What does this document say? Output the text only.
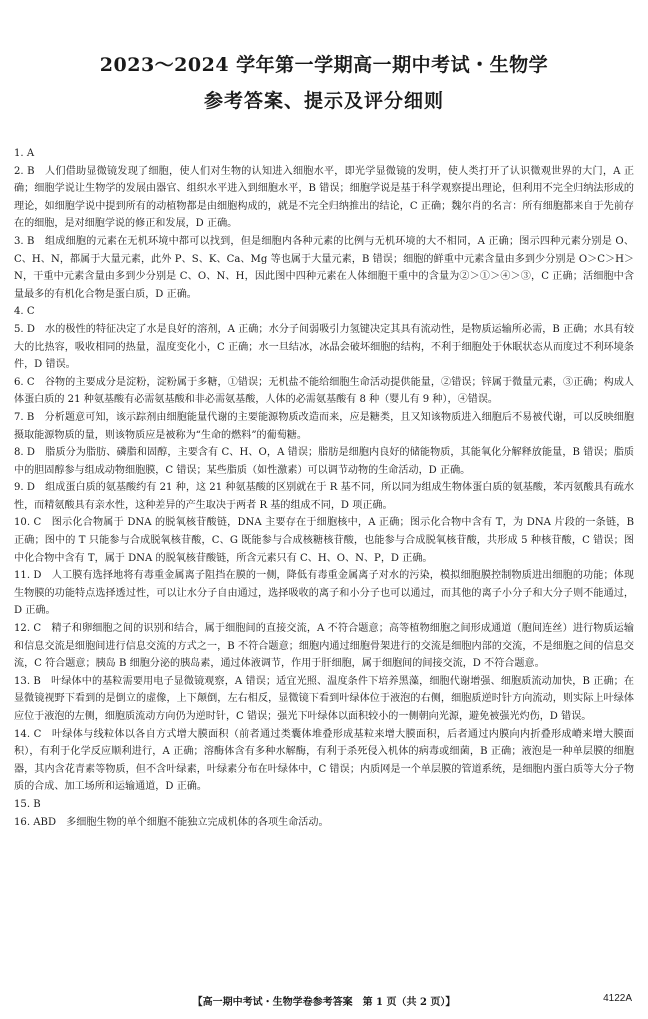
2023～2024 学年第一学期高一期中考试・生物学
参考答案、提示及评分细则

1. A

2. B　人们借助显微镜发现了细胞，使人们对生物的认知进入细胞水平，即光学显微镜的发明，使人类打开了认识微观世界的大门，A 正确；细胞学说让生物学的发展由器官、组织水平进入到细胞水平，B 错误；细胞学说是基于科学观察提出理论，但利用不完全归纳法形成的理论，如细胞学说中提到所有的动植物都是由细胞构成的，就是不完全归纳推出的结论，C 正确；魏尔肖的名言：所有细胞都来自于先前存在的细胞，是对细胞学说的修正和发展，D 正确。

3. B　组成细胞的元素在无机环境中都可以找到，但是细胞内各种元素的比例与无机环境的大不相同，A 正确；图示四种元素分别是 O、C、H、N，都属于大量元素，此外 P、S、K、Ca、Mg 等也属于大量元素，B 错误；细胞的鲜重中元素含量由多到少分别是 O＞C＞H＞N，干重中元素含量由多到少分别是 C、O、N、H，因此图中四种元素在人体细胞干重中的含量为②＞①＞④＞③，C 正确；活细胞中含量最多的有机化合物是蛋白质，D 正确。

4. C

5. D　水的极性的特征决定了水是良好的溶剂，A 正确；水分子间弱吸引力氢键决定其具有流动性，是物质运输所必需，B 正确；水具有较大的比热容，吸收相同的热量，温度变化小，C 正确；水一旦结冰，冰晶会破坏细胞的结构，不利于细胞处于休眠状态从而度过不利环境条件，D 错误。

6. C　谷物的主要成分是淀粉，淀粉属于多糖，①错误；无机盐不能给细胞生命活动提供能量，②错误；锌属于微量元素，③正确；构成人体蛋白质的 21 种氨基酸有必需氨基酸和非必需氨基酸，人体的必需氨基酸有 8 种（婴儿有 9 种），④错误。

7. B　分析题意可知，该示踪剂由细胞能量代谢的主要能源物质改造而来，应是糖类，且又知该物质进入细胞后不易被代谢，可以反映细胞摄取能源物质的量，则该物质应是被称为“生命的燃料”的葡萄糖。

8. D　脂质分为脂肪、磷脂和固醇，主要含有 C、H、O，A 错误；脂肪是细胞内良好的储能物质，其能氧化分解释放能量，B 错误；脂质中的胆固醇参与组成动物细胞膜，C 错误；某些脂质（如性激素）可以调节动物的生命活动，D 正确。

9. D　组成蛋白质的氨基酸约有 21 种，这 21 种氨基酸的区别就在于 R 基不同，所以同为组成生物体蛋白质的氨基酸，苯丙氨酸具有疏水性，而精氨酸具有亲水性，这种差异的产生取决于两者 R 基的组成不同，D 项正确。

10. C　图示化合物属于 DNA 的脱氧核苷酸链，DNA 主要存在于细胞核中，A 正确；图示化合物中含有 T，为 DNA 片段的一条链，B 正确；图中的 T 只能参与合成脱氧核苷酸，C、G 既能参与合成核糖核苷酸，也能参与合成脱氧核苷酸，共形成 5 种核苷酸，C 错误；图中化合物中含有 T，属于 DNA 的脱氧核苷酸链，所含元素只有 C、H、O、N、P，D 正确。

11. D　人工膜有选择地将有毒重金属离子阻挡在膜的一侧，降低有毒重金属离子对水的污染，模拟细胞膜控制物质进出细胞的功能；体现生物膜的功能特点选择透过性，可以让水分子自由通过，选择吸收的离子和小分子也可以通过，而其他的离子小分子和大分子则不能通过，D 正确。

12. C　精子和卵细胞之间的识别和结合，属于细胞间的直接交流，A 不符合题意；高等植物细胞之间形成通道（胞间连丝）进行物质运输和信息交流是细胞间进行信息交流的方式之一，B 不符合题意；细胞内通过细胞骨架进行的交流是细胞内部的交流，不是细胞之间的信息交流，C 符合题意；胰岛 B 细胞分泌的胰岛素，通过体液调节，作用于肝细胞，属于细胞间的间接交流，D 不符合题意。

13. B　叶绿体中的基粒需要用电子显微镜观察，A 错误；适宜光照、温度条件下培养黑藻，细胞代谢增强、细胞质流动加快，B 正确；在显微镜视野下看到的是倒立的虚像，上下颠倒，左右相反，显微镜下看到叶绿体位于液泡的右侧，细胞质逆时针方向流动，则实际上叶绿体应位于液泡的左侧，细胞质流动方向仍为逆时针，C 错误；强光下叶绿体以面积较小的一侧朝向光源，避免被强光灼伤，D 错误。

14. C　叶绿体与线粒体以各自方式增大膜面积（前者通过类囊体堆叠形成基粒来增大膜面积，后者通过内膜向内折叠形成嵴来增大膜面积），有利于化学反应顺利进行，A 正确；溶酶体含有多种水解酶，有利于杀死侵入机体的病毒或细菌，B 正确；液泡是一种单层膜的细胞器，其内含花青素等物质，但不含叶绿素，叶绿素分布在叶绿体中，C 错误；内质网是一个单层膜的管道系统，是细胞内蛋白质等大分子物质的合成、加工场所和运输通道，D 正确。

15. B

16. ABD　多细胞生物的单个细胞不能独立完成机体的各项生命活动。

【高一期中考试・生物学卷参考答案　第 1 页（共 2 页）】	4122A
